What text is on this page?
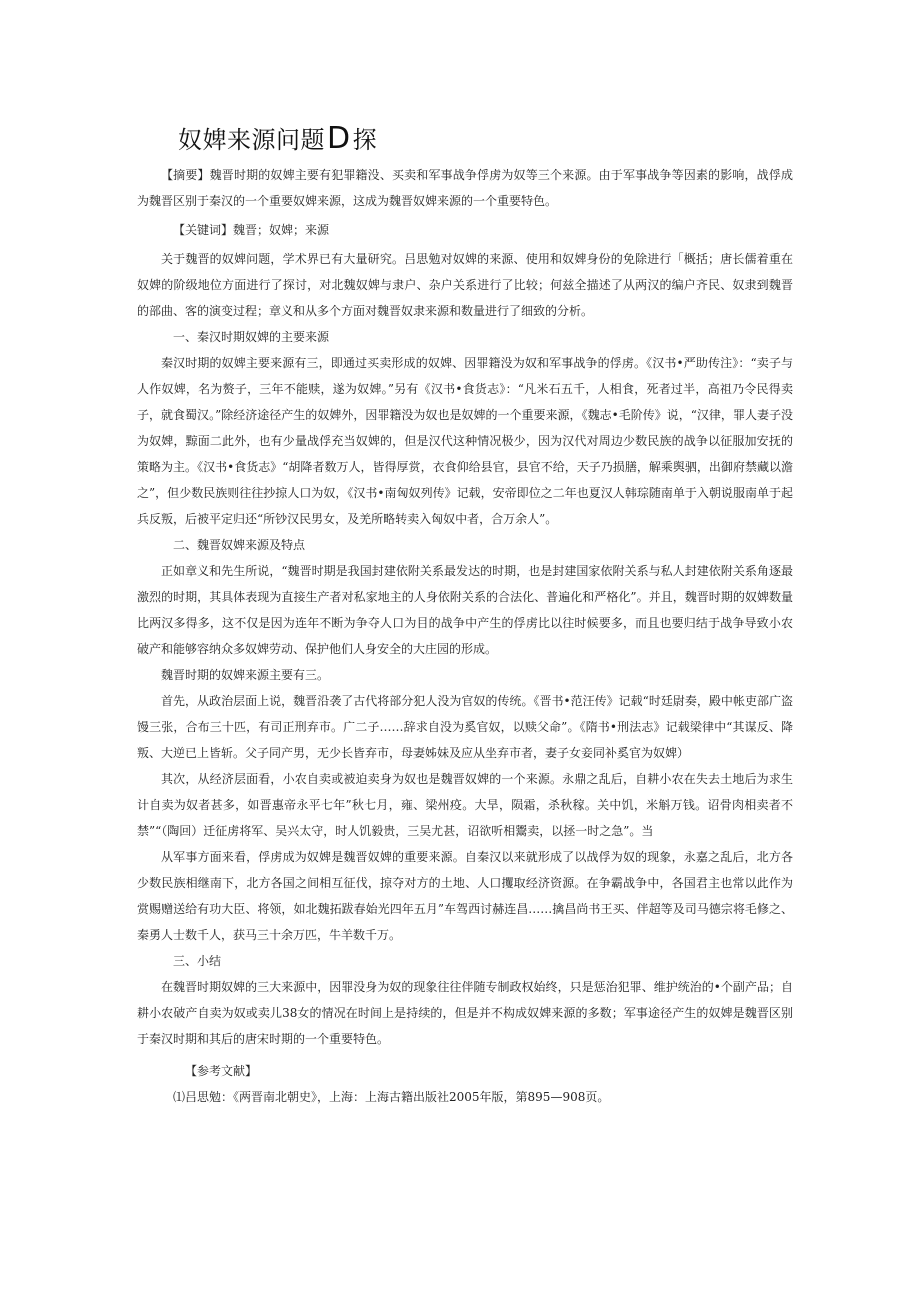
奴婢来源问题D探

【摘要】魏晋时期的奴婢主要有犯罪籍没、买卖和军事战争俘虏为奴等三个来源。由于军事战争等因素的影响，战俘成为魏晋区别于秦汉的一个重要奴婢来源，这成为魏晋奴婢来源的一个重要特色。

【关键词】魏晋；奴婢；来源

关于魏晋的奴婢问题，学术界已有大量研究。吕思勉对奴婢的来源、使用和奴婢身份的免除进行「概括；唐长儒着重在奴婢的阶级地位方面进行了探讨，对北魏奴婢与隶户、杂户关系进行了比较；何兹全描述了从两汉的编户齐民、奴隶到魏晋的部曲、客的演变过程；章义和从多个方面对魏晋奴隶来源和数量进行了细致的分析。

一、秦汉时期奴婢的主要来源

秦汉时期的奴婢主要来源有三，即通过买卖形成的奴婢、因罪籍没为奴和军事战争的俘虏。《汉书•严助传注》：“卖子与人作奴婢，名为赘子，三年不能赎，遂为奴婢。”另有《汉书•食货志》：“凡米石五千，人相食，死者过半，高祖乃令民得卖子，就食蜀汉。”除经济途径产生的奴婢外，因罪籍没为奴也是奴婢的一个重要来源，《魏志•毛阶传》说，“汉律，罪人妻子没为奴婢，黥面二此外，也有少量战俘充当奴婢的，但是汉代这种情况极少，因为汉代对周边少数民族的战争以征服加安抚的策略为主。《汉书•食货志》“胡降者数万人，皆得厚赏，衣食仰给县官，县官不给，天子乃损膳，解乘舆驷，出御府禁藏以澹之”，但少数民族则往往抄掠人口为奴，《汉书•南匈奴列传》记载，安帝即位之二年也夏汉人韩琮随南单于入朝说服南单于起兵反叛，后被平定归还“所钞汉民男女，及羌所略转卖入匈奴中者，合万余人”。

二、魏晋奴婢来源及特点

正如章义和先生所说，“魏晋时期是我国封建依附关系最发达的时期，也是封建国家依附关系与私人封建依附关系角逐最激烈的时期，其具体表现为直接生产者对私家地主的人身依附关系的合法化、普遍化和严格化”。并且，魏晋时期的奴婢数量比两汉多得多，这不仅是因为连年不断为争夺人口为目的战争中产生的俘虏比以往时候要多，而且也要归结于战争导致小农破产和能够容纳众多奴婢劳动、保护他们人身安全的大庄园的形成。

魏晋时期的奴婢来源主要有三。

首先，从政治层面上说，魏晋沿袭了古代将部分犯人没为官奴的传统。《晋书•范汪传》记载“时廷尉奏，殿中帐吏部广盗馒三张，合布三十匹，有司正刑弃市。广二子……辞求自没为奚官奴，以赎父命”。《隋书•刑法志》记载梁律中“其谋反、降叛、大逆已上皆斩。父子同产男，无少长皆弃市，母妻姊妹及应从坐弃市者，妻子女妾同补奚官为奴婢）

其次，从经济层面看，小农自卖或被迫卖身为奴也是魏晋奴婢的一个来源。永鼎之乱后，自耕小农在失去土地后为求生计自卖为奴者甚多，如晋惠帝永平七年”秋七月，雍、梁州疫。大旱，陨霜，杀秋稼。关中饥，米斛万钱。诏骨肉相卖者不禁”“（陶回）迁征虏将军、吴兴太守，时人饥毅贵，三吴尤甚，诏欲听相鬻卖，以拯一时之急”。当

从军事方面来看，俘虏成为奴婢是魏晋奴婢的重要来源。自秦汉以来就形成了以战俘为奴的现象，永嘉之乱后，北方各少数民族相继南下，北方各国之间相互征伐，掠夺对方的土地、人口攫取经济资源。在争霸战争中，各国君主也常以此作为赏赐赠送给有功大臣、将领，如北魏拓跋春始光四年五月”车驾西讨赫连昌……擒昌尚书王买、伴超等及司马德宗将毛修之、秦勇人士数千人，获马三十余万匹，牛羊数千万。

三、小结

在魏晋时期奴婢的三大来源中，因罪没身为奴的现象往往伴随专制政权始终，只是惩治犯罪、维护统治的•个副产品；自耕小农破产自卖为奴或卖儿38女的情况在时间上是持续的，但是并不构成奴婢来源的多数；军事途径产生的奴婢是魏晋区别于秦汉时期和其后的唐宋时期的一个重要特色。

【参考文献】

⑴吕思勉：《两晋南北朝史》，上海：上海古籍出版社2005年版，第895—908页。
